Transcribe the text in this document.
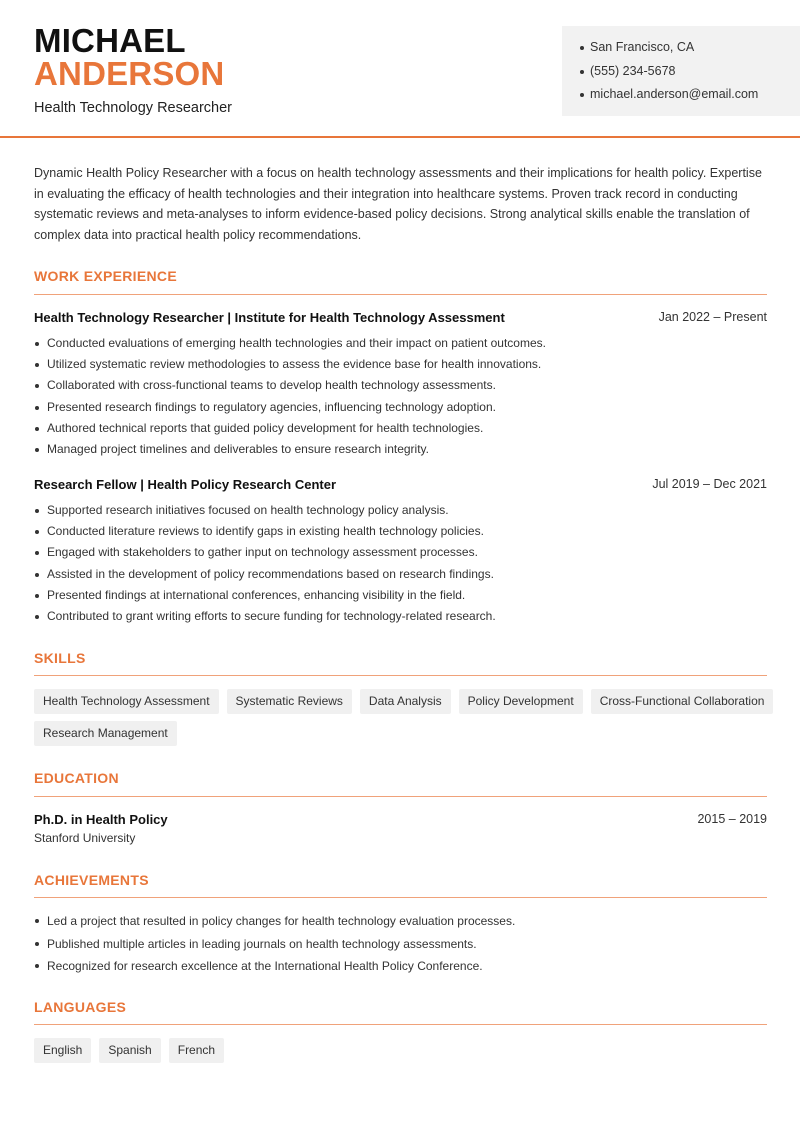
MICHAEL
ANDERSON
Health Technology Researcher
San Francisco, CA
(555) 234-5678
michael.anderson@email.com

Dynamic Health Policy Researcher with a focus on health technology assessments and their implications for health policy. Expertise in evaluating the efficacy of health technologies and their integration into healthcare systems. Proven track record in conducting systematic reviews and meta-analyses to inform evidence-based policy decisions. Strong analytical skills enable the translation of complex data into practical health policy recommendations.

WORK EXPERIENCE
Health Technology Researcher | Institute for Health Technology Assessment	Jan 2022 – Present
Conducted evaluations of emerging health technologies and their impact on patient outcomes.
Utilized systematic review methodologies to assess the evidence base for health innovations.
Collaborated with cross-functional teams to develop health technology assessments.
Presented research findings to regulatory agencies, influencing technology adoption.
Authored technical reports that guided policy development for health technologies.
Managed project timelines and deliverables to ensure research integrity.
Research Fellow | Health Policy Research Center	Jul 2019 – Dec 2021
Supported research initiatives focused on health technology policy analysis.
Conducted literature reviews to identify gaps in existing health technology policies.
Engaged with stakeholders to gather input on technology assessment processes.
Assisted in the development of policy recommendations based on research findings.
Presented findings at international conferences, enhancing visibility in the field.
Contributed to grant writing efforts to secure funding for technology-related research.
SKILLS
Health Technology Assessment	Systematic Reviews	Data Analysis	Policy Development	Cross-Functional Collaboration
Research Management
EDUCATION
Ph.D. in Health Policy	2015 – 2019
Stanford University
ACHIEVEMENTS
Led a project that resulted in policy changes for health technology evaluation processes.
Published multiple articles in leading journals on health technology assessments.
Recognized for research excellence at the International Health Policy Conference.
LANGUAGES
English	Spanish	French
